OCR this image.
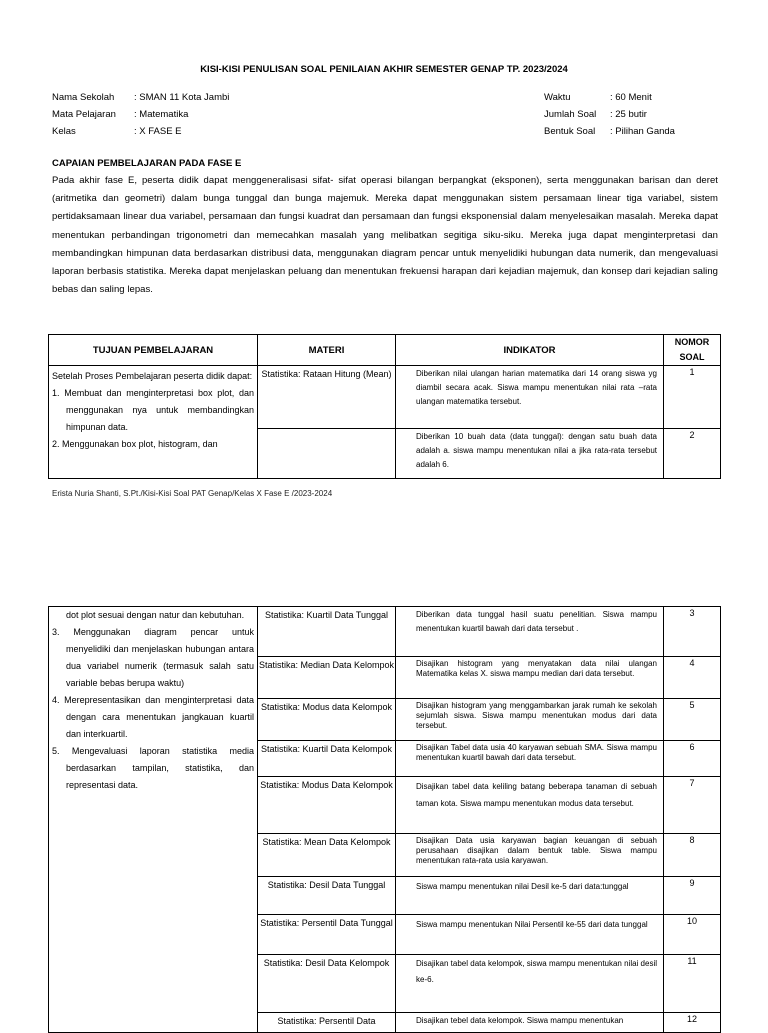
KISI-KISI PENULISAN SOAL PENILAIAN AKHIR SEMESTER GENAP TP. 2023/2024
Nama Sekolah	: SMAN 11 Kota Jambi
Mata Pelajaran	: Matematika
Kelas	: X FASE E
Waktu	: 60 Menit
Jumlah Soal	: 25 butir
Bentuk Soal	: Pilihan Ganda
CAPAIAN PEMBELAJARAN PADA FASE E
Pada akhir fase E, peserta didik dapat menggeneralisasi sifat- sifat operasi bilangan berpangkat (eksponen), serta menggunakan barisan dan deret (aritmetika dan geometri) dalam bunga tunggal dan bunga majemuk. Mereka dapat menggunakan sistem persamaan linear tiga variabel, sistem pertidaksamaan linear dua variabel, persamaan dan fungsi kuadrat dan persamaan dan fungsi eksponensial dalam menyelesaikan masalah. Mereka dapat menentukan perbandingan trigonometri dan memecahkan masalah yang melibatkan segitiga siku-siku. Mereka juga dapat menginterpretasi dan membandingkan himpunan data berdasarkan distribusi data, menggunakan diagram pencar untuk menyelidiki hubungan data numerik, dan mengevaluasi laporan berbasis statistika. Mereka dapat menjelaskan peluang dan menentukan frekuensi harapan dari kejadian majemuk, dan konsep dari kejadian saling bebas dan saling lepas.
TUJUAN PEMBELAJARAN	MATERI	INDIKATOR	NOMOR
SOAL

Setelah Proses Pembelajaran peserta didik dapat:

1. Membuat dan menginterpretasi box plot, dan menggunakan nya untuk membandingkan himpunan data.
2. Menggunakan box plot, histogram, dan	Statistika: Rataan Hitung (Mean)	Diberikan nilai ulangan harian matematika dari 14 orang siswa yg diambil secara acak. Siswa mampu menentukan nilai rata –rata ulangan matematika tersebut.	1
		Diberikan 10 buah data (data tunggal): dengan satu buah data adalah a. siswa mampu menentukan nilai a jika rata-rata tersebut adalah 6.	2
Erista Nuria Shanti, S.Pt./Kisi-Kisi Soal PAT Genap/Kelas X Fase E /2023-2024
dot plot sesuai dengan natur dan kebutuhan.
3. Menggunakan diagram pencar untuk menyelidiki dan menjelaskan hubungan antara dua variabel numerik (termasuk salah satu variable bebas berupa waktu)
4. Merepresentasikan dan menginterpretasi data dengan cara menentukan jangkauan kuartil dan interkuartil.
5. Mengevaluasi laporan statistika media berdasarkan tampilan, statistika, dan representasi data.	Statistika: Kuartil Data Tunggal	Diberikan data tunggal hasil suatu penelitian. Siswa mampu menentukan kuartil bawah dari data tersebut .	3
	Statistika: Median Data Kelompok	Disajikan histogram yang menyatakan data nilai ulangan Matematika kelas X. siswa mampu median dari data tersebut.	4
	Statistika: Modus data Kelompok	Disajikan histogram yang menggambarkan jarak rumah ke sekolah sejumlah siswa. Siswa mampu menentukan modus dari data tersebut.	5
	Statistika: Kuartil Data Kelompok	Disajikan Tabel data usia 40 karyawan sebuah SMA. Siswa mampu menentukan kuartil bawah dari data tersebut.	6
	Statistika: Modus Data Kelompok	Disajikan tabel data keliling batang beberapa tanaman di sebuah taman kota. Siswa mampu menentukan modus data tersebut.	7
	Statistika: Mean Data Kelompok	Disajikan Data usia karyawan bagian keuangan di sebuah perusahaan disajikan dalam bentuk table. Siswa mampu menentukan rata-rata usia karyawan.	8
	Statistika: Desil Data Tunggal	Siswa mampu menentukan nilai Desil ke-5 dari data:tunggal	9
	Statistika: Persentil Data Tunggal	Siswa mampu menentukan Nilai Persentil ke-55 dari data tunggal	10
	Statistika: Desil Data Kelompok	Disajikan tabel data kelompok, siswa mampu menentukan nilai desil ke-6.	11
	Statistika: Persentil Data	Disajikan tebel data kelompok. Siswa mampu menentukan	12
